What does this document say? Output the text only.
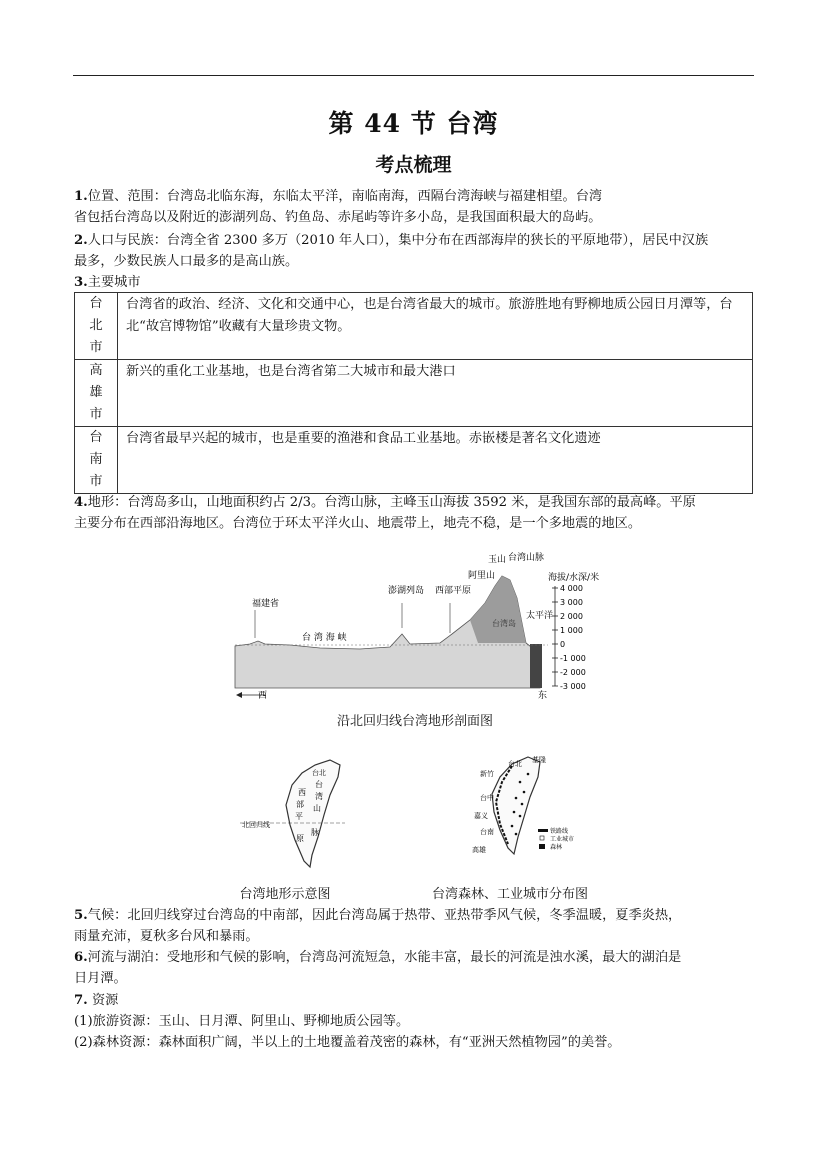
第 44 节 台湾
考点梳理
1.位置、范围：台湾岛北临东海，东临太平洋，南临南海，西隔台湾海峡与福建相望。台湾
省包括台湾岛以及附近的澎湖列岛、钓鱼岛、赤尾屿等许多小岛，是我国面积最大的岛屿。
2.人口与民族：台湾全省 2300 多万（2010 年人口），集中分布在西部海岸的狭长的平原地带），居民中汉族
最多，少数民族人口最多的是高山族。
3.主要城市
台
北
市	台湾省的政治、经济、文化和交通中心，也是台湾省最大的城市。旅游胜地有野柳地质公园日月潭等，台北“故宫博物馆”收藏有大量珍贵文物。

高
雄
市	新兴的重化工业基地，也是台湾省第二大城市和最大港口

台
南
市	台湾省最早兴起的城市，也是重要的渔港和食品工业基地。赤嵌楼是著名文化遗迹
4.地形：台湾岛多山，山地面积约占 2/3。台湾山脉，主峰玉山海拔 3592 米，是我国东部的最高峰。平原
主要分布在西部沿海地区。台湾位于环太平洋火山、地震带上，地壳不稳，是一个多地震的地区。
福建省
台 湾 海 峡
澎湖列岛 西部平原
阿里山
玉山 台湾山脉
台湾岛
太平洋
海拔/水深/米
4 000
3 000
2 000
1 000
0
-1 000
-2 000
-3 000
西	东
沿北回归线台湾地形剖面图
北回归线
台
湾
山
脉
西
部
平
原
台北
台湾地形示意图
基隆
台北
新竹
台中
嘉义
台南
高雄
铁路线
工业城市
森林
台湾森林、工业城市分布图
5.气候：北回归线穿过台湾岛的中南部，因此台湾岛属于热带、亚热带季风气候，冬季温暖，夏季炎热，
雨量充沛，夏秋多台风和暴雨。
6.河流与湖泊：受地形和气候的影响，台湾岛河流短急，水能丰富，最长的河流是浊水溪，最大的湖泊是
日月潭。
7. 资源
(1)旅游资源：玉山、日月潭、阿里山、野柳地质公园等。
(2)森林资源：森林面积广阔，半以上的土地覆盖着茂密的森林，有“亚洲天然植物园”的美誉。
